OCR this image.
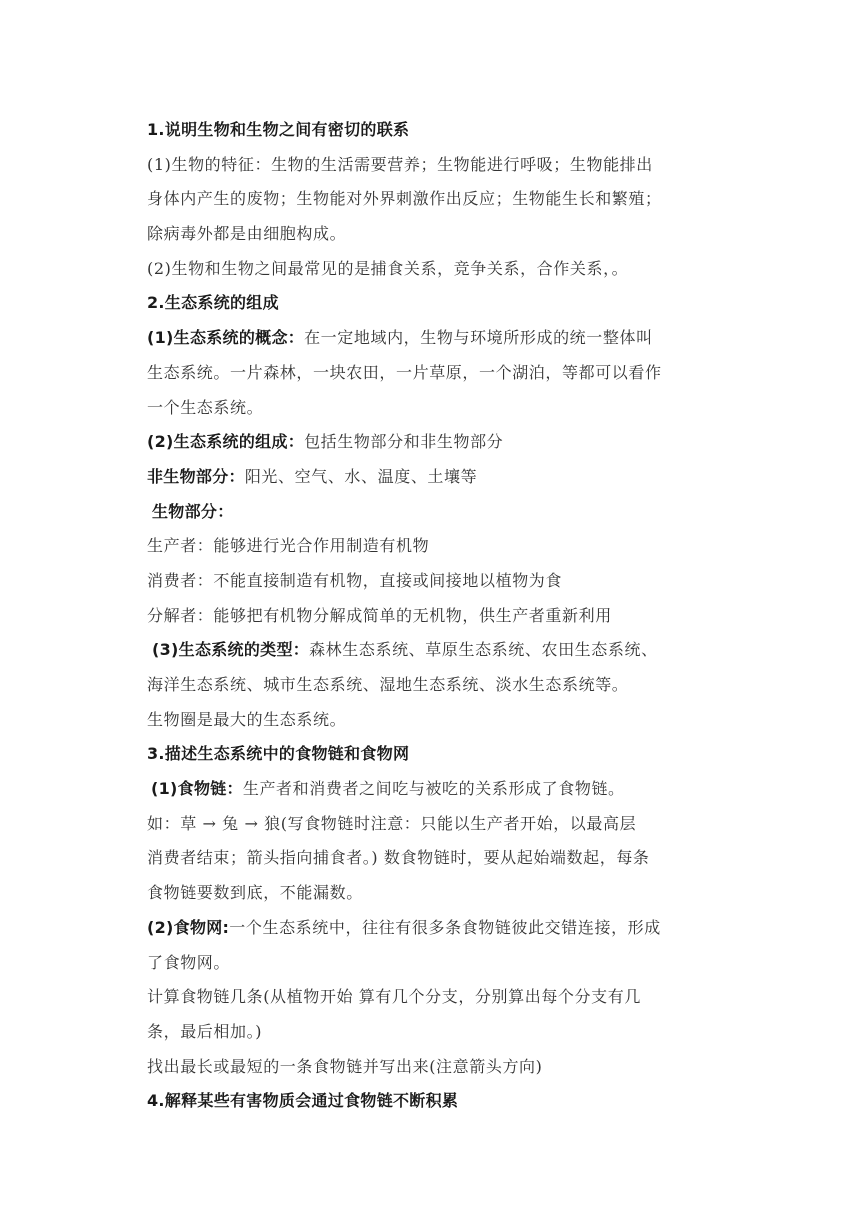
1.说明生物和生物之间有密切的联系
(1)生物的特征：生物的生活需要营养；生物能进行呼吸；生物能排出
身体内产生的废物；生物能对外界刺激作出反应；生物能生长和繁殖；
除病毒外都是由细胞构成。
(2)生物和生物之间最常见的是捕食关系，竞争关系，合作关系，。
2.生态系统的组成
(1)生态系统的概念：在一定地域内，生物与环境所形成的统一整体叫
生态系统。一片森林，一块农田，一片草原，一个湖泊，等都可以看作
一个生态系统。
(2)生态系统的组成：包括生物部分和非生物部分
非生物部分：阳光、空气、水、温度、土壤等
生物部分：
生产者：能够进行光合作用制造有机物
消费者：不能直接制造有机物，直接或间接地以植物为食
分解者：能够把有机物分解成简单的无机物，供生产者重新利用
(3)生态系统的类型：森林生态系统、草原生态系统、农田生态系统、
海洋生态系统、城市生态系统、湿地生态系统、淡水生态系统等。
生物圈是最大的生态系统。
3.描述生态系统中的食物链和食物网
(1)食物链：生产者和消费者之间吃与被吃的关系形成了食物链。
如：草 → 兔 → 狼(写食物链时注意：只能以生产者开始，以最高层
消费者结束；箭头指向捕食者。) 数食物链时，要从起始端数起，每条
食物链要数到底，不能漏数。
(2)食物网:一个生态系统中，往往有很多条食物链彼此交错连接，形成
了食物网。
计算食物链几条(从植物开始 算有几个分支，分别算出每个分支有几
条，最后相加。)
找出最长或最短的一条食物链并写出来(注意箭头方向)
4.解释某些有害物质会通过食物链不断积累
